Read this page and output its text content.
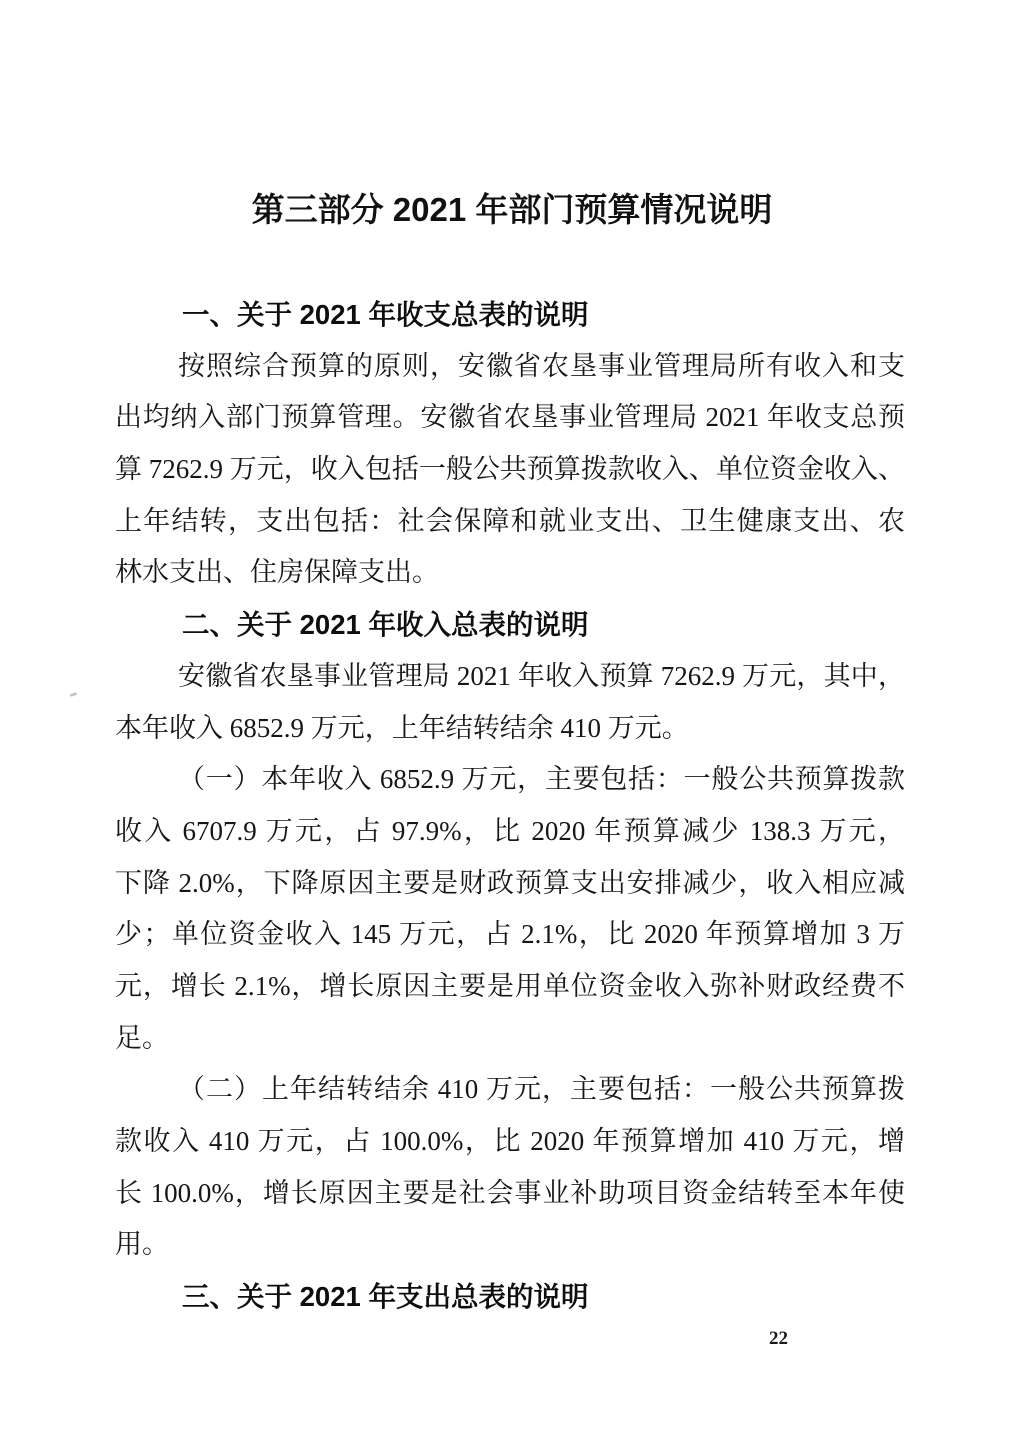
第三部分 2021 年部门预算情况说明
一、关于 2021 年收支总表的说明
按照综合预算的原则，安徽省农垦事业管理局所有收入和支
出均纳入部门预算管理。安徽省农垦事业管理局 2021 年收支总预
算 7262.9 万元，收入包括一般公共预算拨款收入、单位资金收入、
上年结转，支出包括：社会保障和就业支出、卫生健康支出、农
林水支出、住房保障支出。
二、关于 2021 年收入总表的说明
安徽省农垦事业管理局 2021 年收入预算 7262.9 万元，其中，
本年收入 6852.9 万元，上年结转结余 410 万元。
（一）本年收入 6852.9 万元，主要包括：一般公共预算拨款
收入 6707.9 万元，占 97.9%，比 2020 年预算减少 138.3 万元，
下降 2.0%，下降原因主要是财政预算支出安排减少，收入相应减
少；单位资金收入 145 万元，占 2.1%，比 2020 年预算增加 3 万
元，增长 2.1%，增长原因主要是用单位资金收入弥补财政经费不
足。
（二）上年结转结余 410 万元，主要包括：一般公共预算拨
款收入 410 万元，占 100.0%，比 2020 年预算增加 410 万元，增
长 100.0%，增长原因主要是社会事业补助项目资金结转至本年使
用。
三、关于 2021 年支出总表的说明
22
